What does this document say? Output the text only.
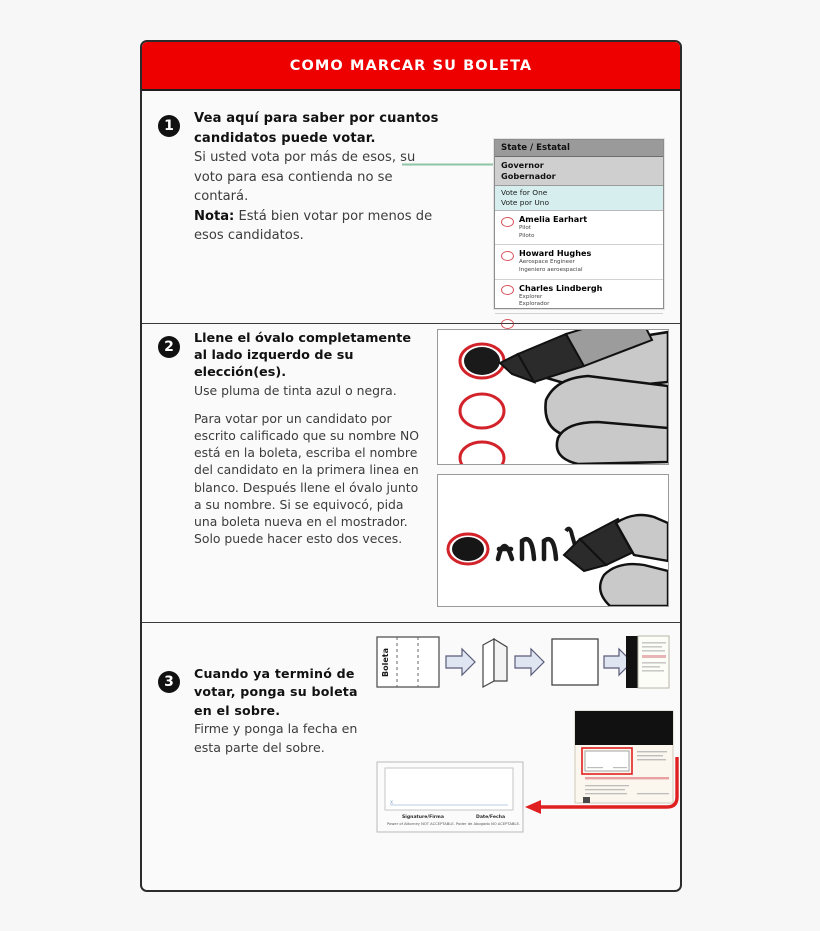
COMO MARCAR SU BOLETA
1	Vea aquí para saber por cuantos candidatos puede votar.
Si usted vota por más de esos, su voto para esa contienda no se contará.
Nota: Está bien votar por menos de esos candidatos.
State / Estatal
Governor
Gobernador
Vote for One
Vote por Uno
Amelia Earhart
Pilot
Piloto
Howard Hughes
Aerospace Engineer
Ingeniero aeroespacial
Charles Lindbergh
Explorer
Explorador
2
Llene el óvalo completamente al lado izquerdo de su elección(es).
Use pluma de tinta azul o negra.
Para votar por un candidato por escrito calificado que su nombre NO está en la boleta, escriba el nombre del candidato en la primera linea en blanco. Después llene el óvalo junto a su nombre. Si se equivocó, pida una boleta nueva en el mostrador. Solo puede hacer esto dos veces.
3
Cuando ya terminó de votar, ponga su boleta en el sobre.
Firme y ponga la fecha en esta parte del sobre.
Boleta
X
Signature/Firma	Date/Fecha
Power of Attorney NOT ACCEPTABLE. Poder de Abogado NO ACEPTABLE.
